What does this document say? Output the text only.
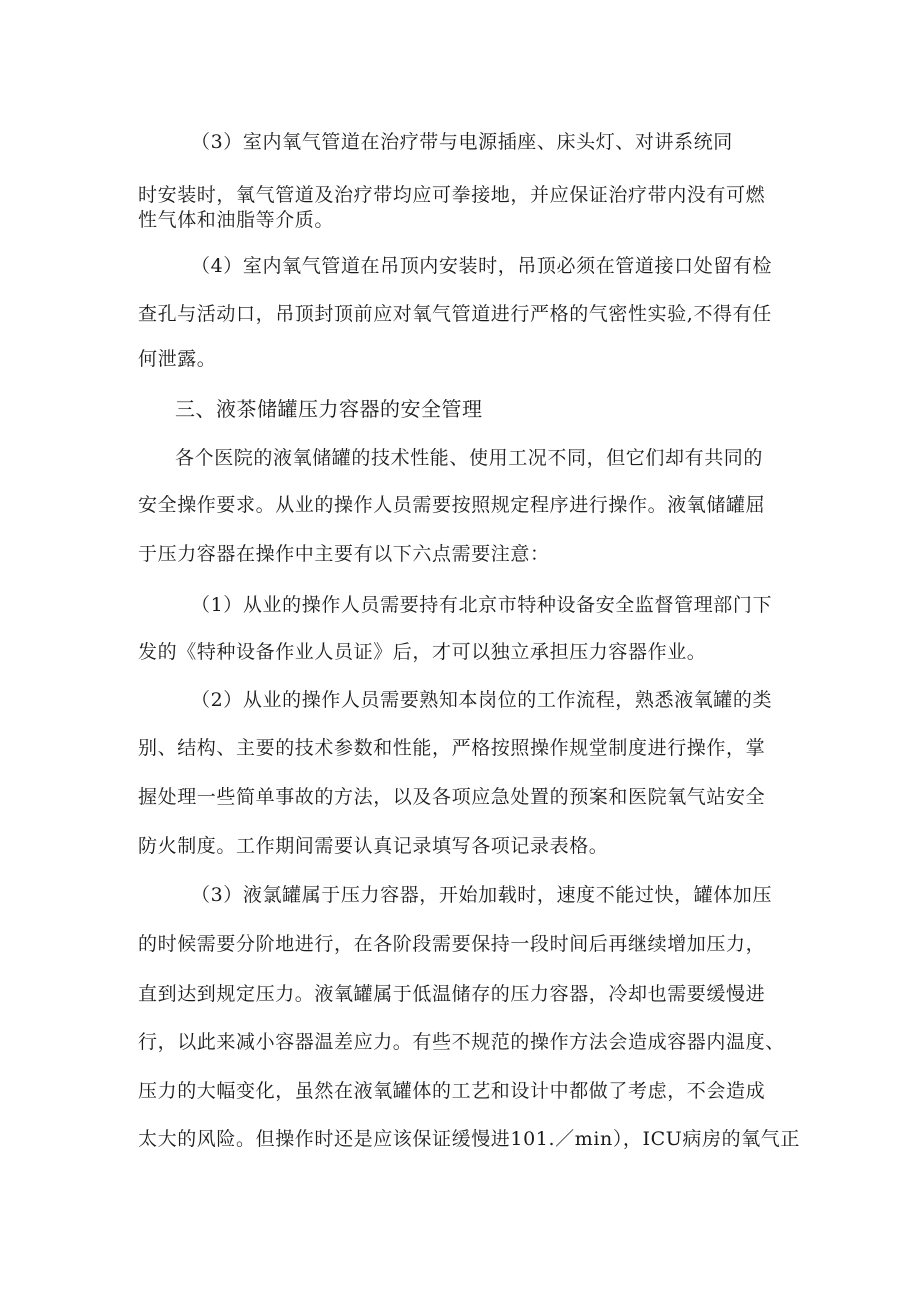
（3）室内氧气管道在治疗带与电源插座、床头灯、对讲系统同
时安装时，氧气管道及治疗带均应可拳接地，并应保证治疗带内没有可燃
性气体和油脂等介质。
（4）室内氧气管道在吊顶内安装时，吊顶必须在管道接口处留有检
查孔与活动口，吊顶封顶前应对氧气管道进行严格的气密性实验,不得有任
何泄露。
三、液茶储罐压力容器的安全管理
各个医院的液氧储罐的技术性能、使用工况不同，但它们却有共同的
安全操作要求。从业的操作人员需要按照规定程序进行操作。液氧储罐屈
于压力容器在操作中主要有以下六点需要注意：
（1）从业的操作人员需要持有北京市特种设备安全监督管理部门下
发的《特种设备作业人员证》后，才可以独立承担压力容器作业。
（2）从业的操作人员需要熟知本岗位的工作流程，熟悉液氧罐的类
别、结构、主要的技术参数和性能，严格按照操作规堂制度进行操作，掌
握处理一些简单事故的方法，以及各项应急处置的预案和医院氧气站安全
防火制度。工作期间需要认真记录填写各项记录表格。
（3）液氯罐属于压力容器，开始加载时，速度不能过快，罐体加压
的时候需要分阶地进行，在各阶段需要保持一段时间后再继续增加压力，
直到达到规定压力。液氧罐属于低温储存的压力容器，冷却也需要缓慢进
行，以此来减小容器温差应力。有些不规范的操作方法会造成容器内温度、
压力的大幅变化，虽然在液氧罐体的工艺和设计中都做了考虑，不会造成
太大的风险。但操作时还是应该保证缓慢进101.／min），ICU病房的氧气正
